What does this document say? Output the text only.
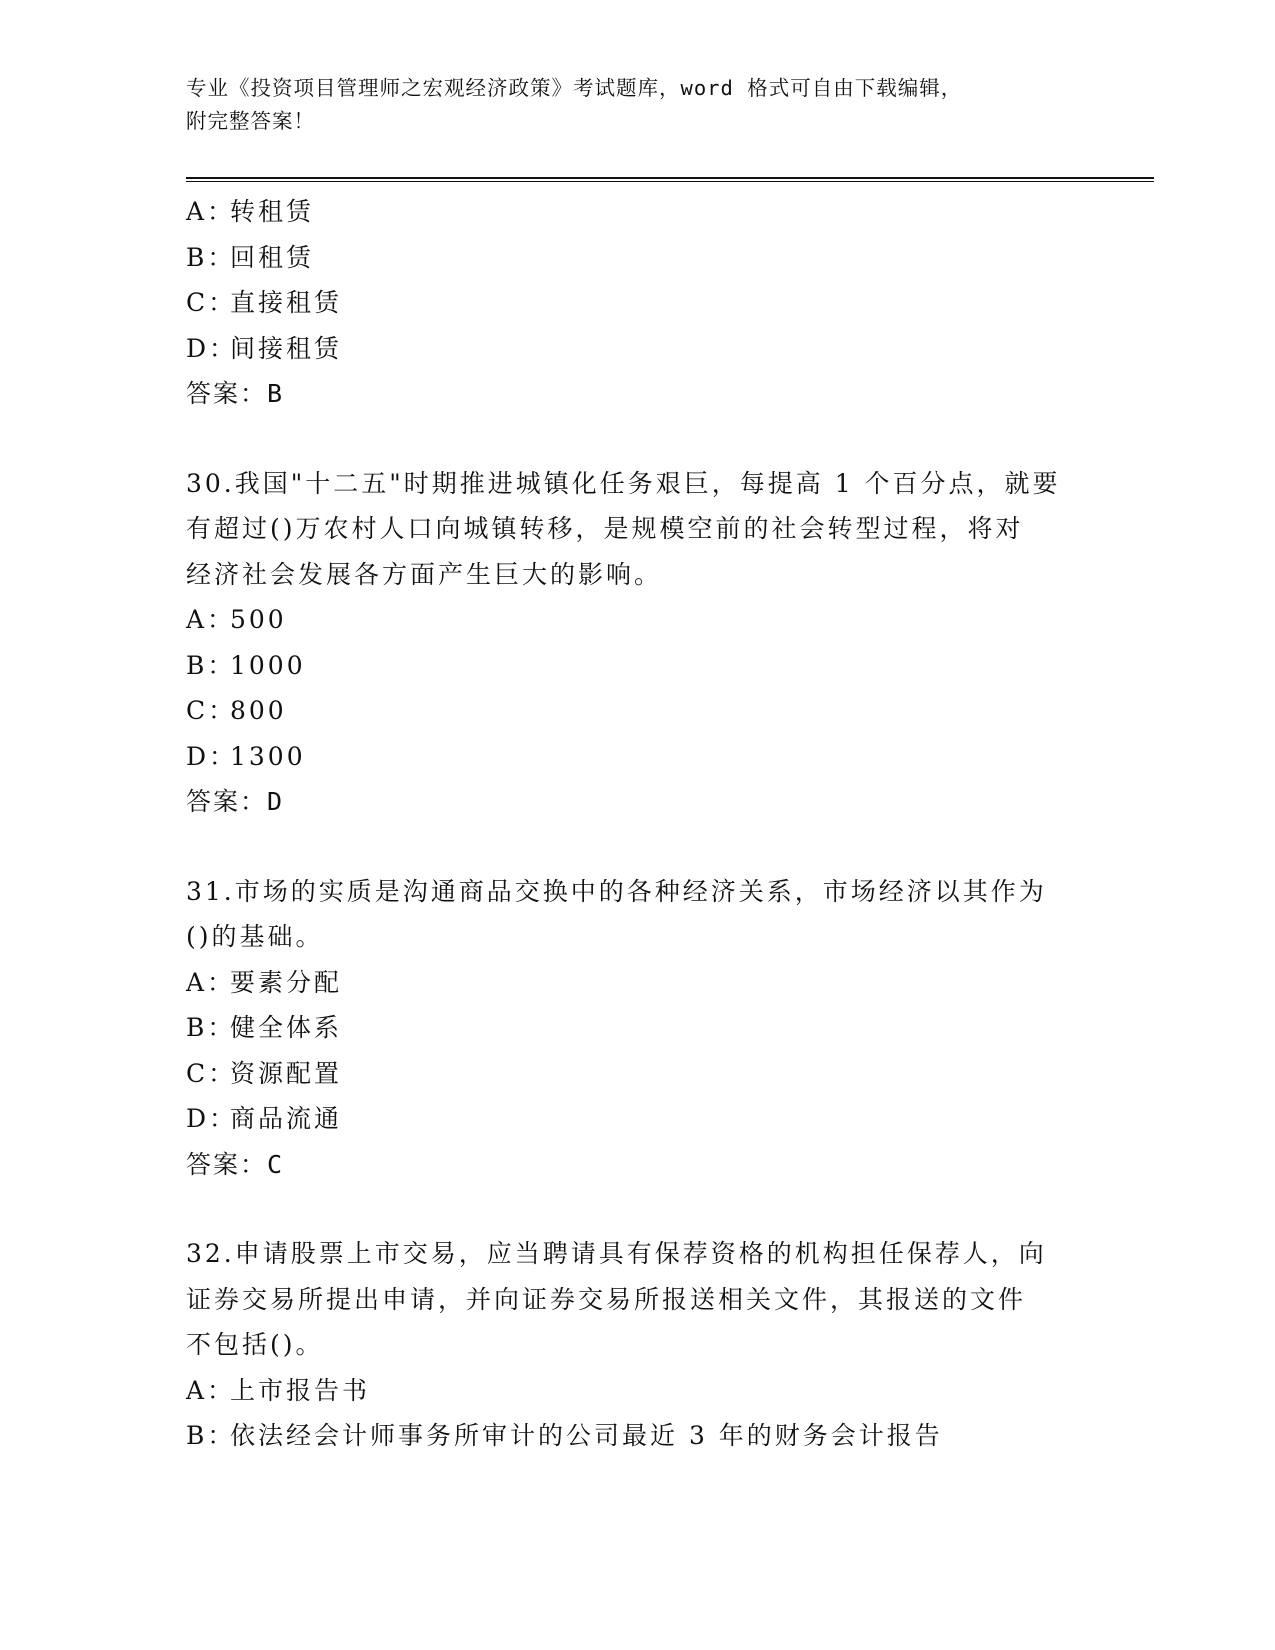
专业《投资项目管理师之宏观经济政策》考试题库，word 格式可自由下载编辑，
附完整答案！
A：转租赁
B：回租赁
C：直接租赁
D：间接租赁
答案：B
30.我国"十二五"时期推进城镇化任务艰巨，每提高 1 个百分点，就要
有超过()万农村人口向城镇转移，是规模空前的社会转型过程，将对
经济社会发展各方面产生巨大的影响。
A：500
B：1000
C：800
D：1300
答案：D
31.市场的实质是沟通商品交换中的各种经济关系，市场经济以其作为
()的基础。
A：要素分配
B：健全体系
C：资源配置
D：商品流通
答案：C
32.申请股票上市交易，应当聘请具有保荐资格的机构担任保荐人，向
证券交易所提出申请，并向证券交易所报送相关文件，其报送的文件
不包括()。
A：上市报告书
B：依法经会计师事务所审计的公司最近 3 年的财务会计报告
